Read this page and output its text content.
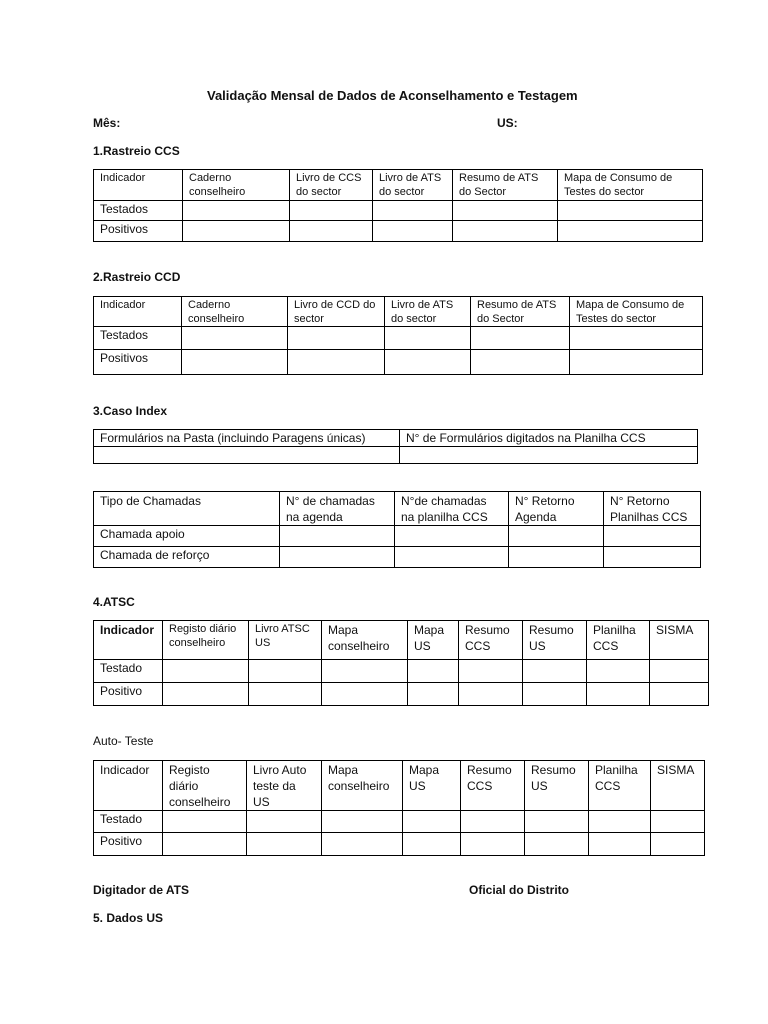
Validação Mensal de Dados de Aconselhamento e Testagem
Mês:	US:
1.Rastreio CCS
Indicador	Caderno conselheiro	Livro de CCS do sector	Livro de ATS do sector	Resumo de ATS do Sector	Mapa de Consumo de Testes do sector
Testados					
Positivos					
2.Rastreio CCD
Indicador	Caderno conselheiro	Livro de CCD do sector	Livro de ATS do sector	Resumo de ATS do Sector	Mapa de Consumo de Testes do sector
Testados					
Positivos					
3.Caso Index
Formulários na Pasta (incluindo Paragens únicas)	N° de Formulários digitados na Planilha CCS

Tipo de Chamadas	N° de chamadas na agenda	N°de chamadas na planilha CCS	N° Retorno Agenda	N° Retorno Planilhas CCS
Chamada apoio				
Chamada de reforço				
4.ATSC
Indicador	Registo diário conselheiro	Livro ATSC US	Mapa conselheiro	Mapa US	Resumo CCS	Resumo US	Planilha CCS	SISMA
Testado								
Positivo								
Auto- Teste
Indicador	Registo diário conselheiro	Livro Auto teste da US	Mapa conselheiro	Mapa US	Resumo CCS	Resumo US	Planilha CCS	SISMA
Testado								
Positivo								
Digitador de ATS	Oficial do Distrito
5. Dados US
